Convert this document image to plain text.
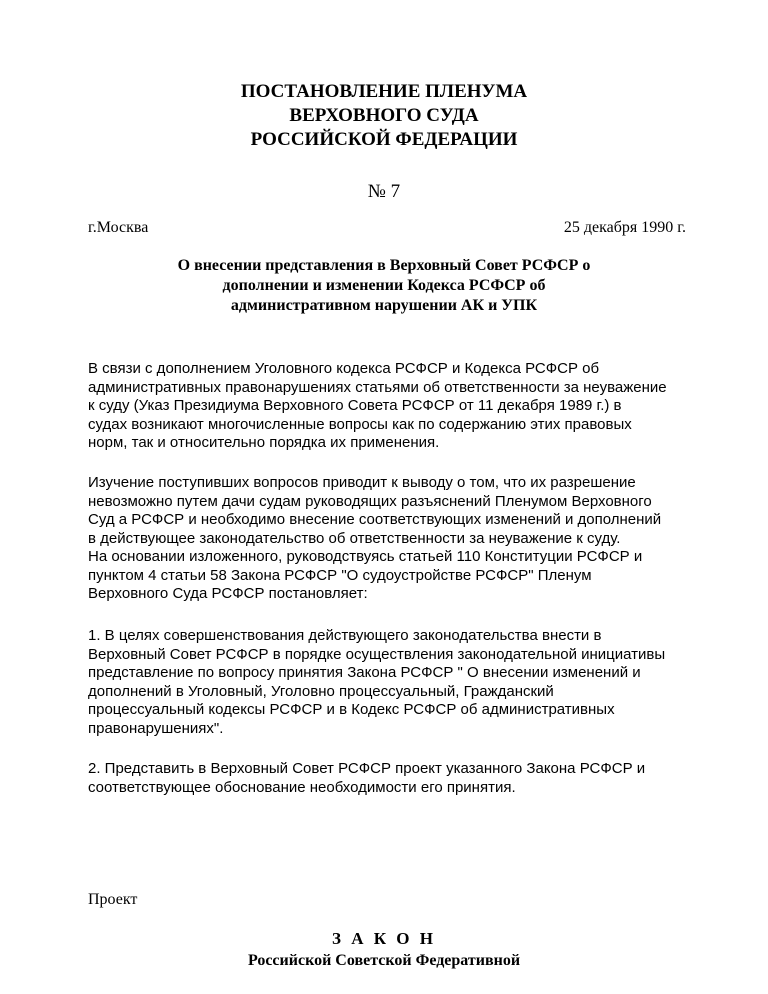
ПОСТАНОВЛЕНИЕ ПЛЕНУМА
ВЕРХОВНОГО СУДА
РОССИЙСКОЙ ФЕДЕРАЦИИ
№ 7
г.Москва	25 декабря 1990 г.
О внесении представления в Верховный Совет РСФСР о
дополнении и изменении Кодекса РСФСР об
административном нарушении АК и УПК
В связи с дополнением Уголовного кодекса РСФСР и Кодекса РСФСР об
административных правонарушениях статьями об ответственности за неуважение
к суду (Указ Президиума Верховного Совета РСФСР от 11 декабря 1989 г.) в
судах возникают многочисленные вопросы как по содержанию этих правовых
норм, так и относительно порядка их применения.
Изучение поступивших вопросов приводит к выводу о том, что их разрешение
невозможно путем дачи судам руководящих разъяснений Пленумом Верховного
Суд а РСФСР и необходимо внесение соответствующих изменений и дополнений
в действующее законодательство об ответственности за неуважение к суду.
На основании изложенного, руководствуясь статьей 110 Конституции РСФСР и
пунктом 4 статьи 58 Закона РСФСР "О судоустройстве РСФСР" Пленум
Верховного Суда РСФСР постановляет:
1. В целях совершенствования действующего законодательства внести в
Верховный Совет РСФСР в порядке осуществления законодательной инициативы
представление по вопросу принятия Закона РСФСР " О внесении изменений и
дополнений в Уголовный, Уголовно процессуальный, Гражданский
процессуальный кодексы РСФСР и в Кодекс РСФСР об административных
правонарушениях".
2. Представить в Верховный Совет РСФСР проект указанного Закона РСФСР и
соответствующее обоснование необходимости его принятия.
Проект
З А К О Н
Российской Советской Федеративной
